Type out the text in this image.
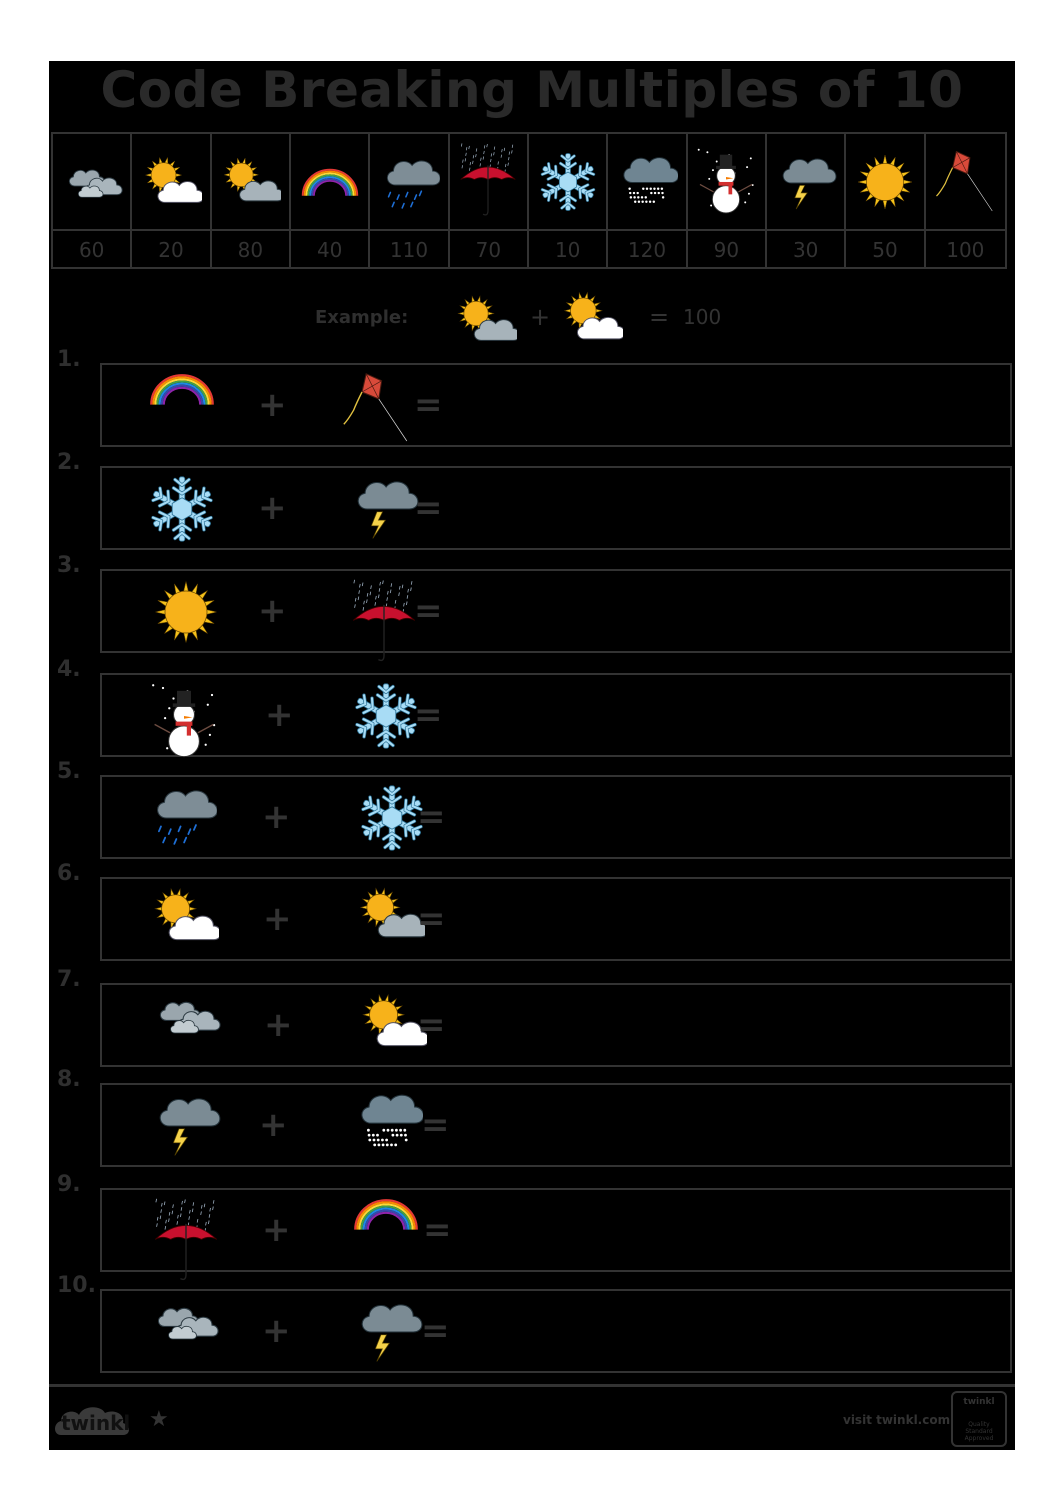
Code Breaking Multiples of 10
60	20	80	40	110	70	10	120	90	30	50	100
Example:	+	= 100
1.
+	=
2.
+	=
3.
+	=
4.
+	=
5.
+	=
6.
+	=
7.
+	=
8.
+	=
9.
+	=
10.
+	=
twinkl ★	visit twinkl.com
twinkl
Quality Standard Approved
